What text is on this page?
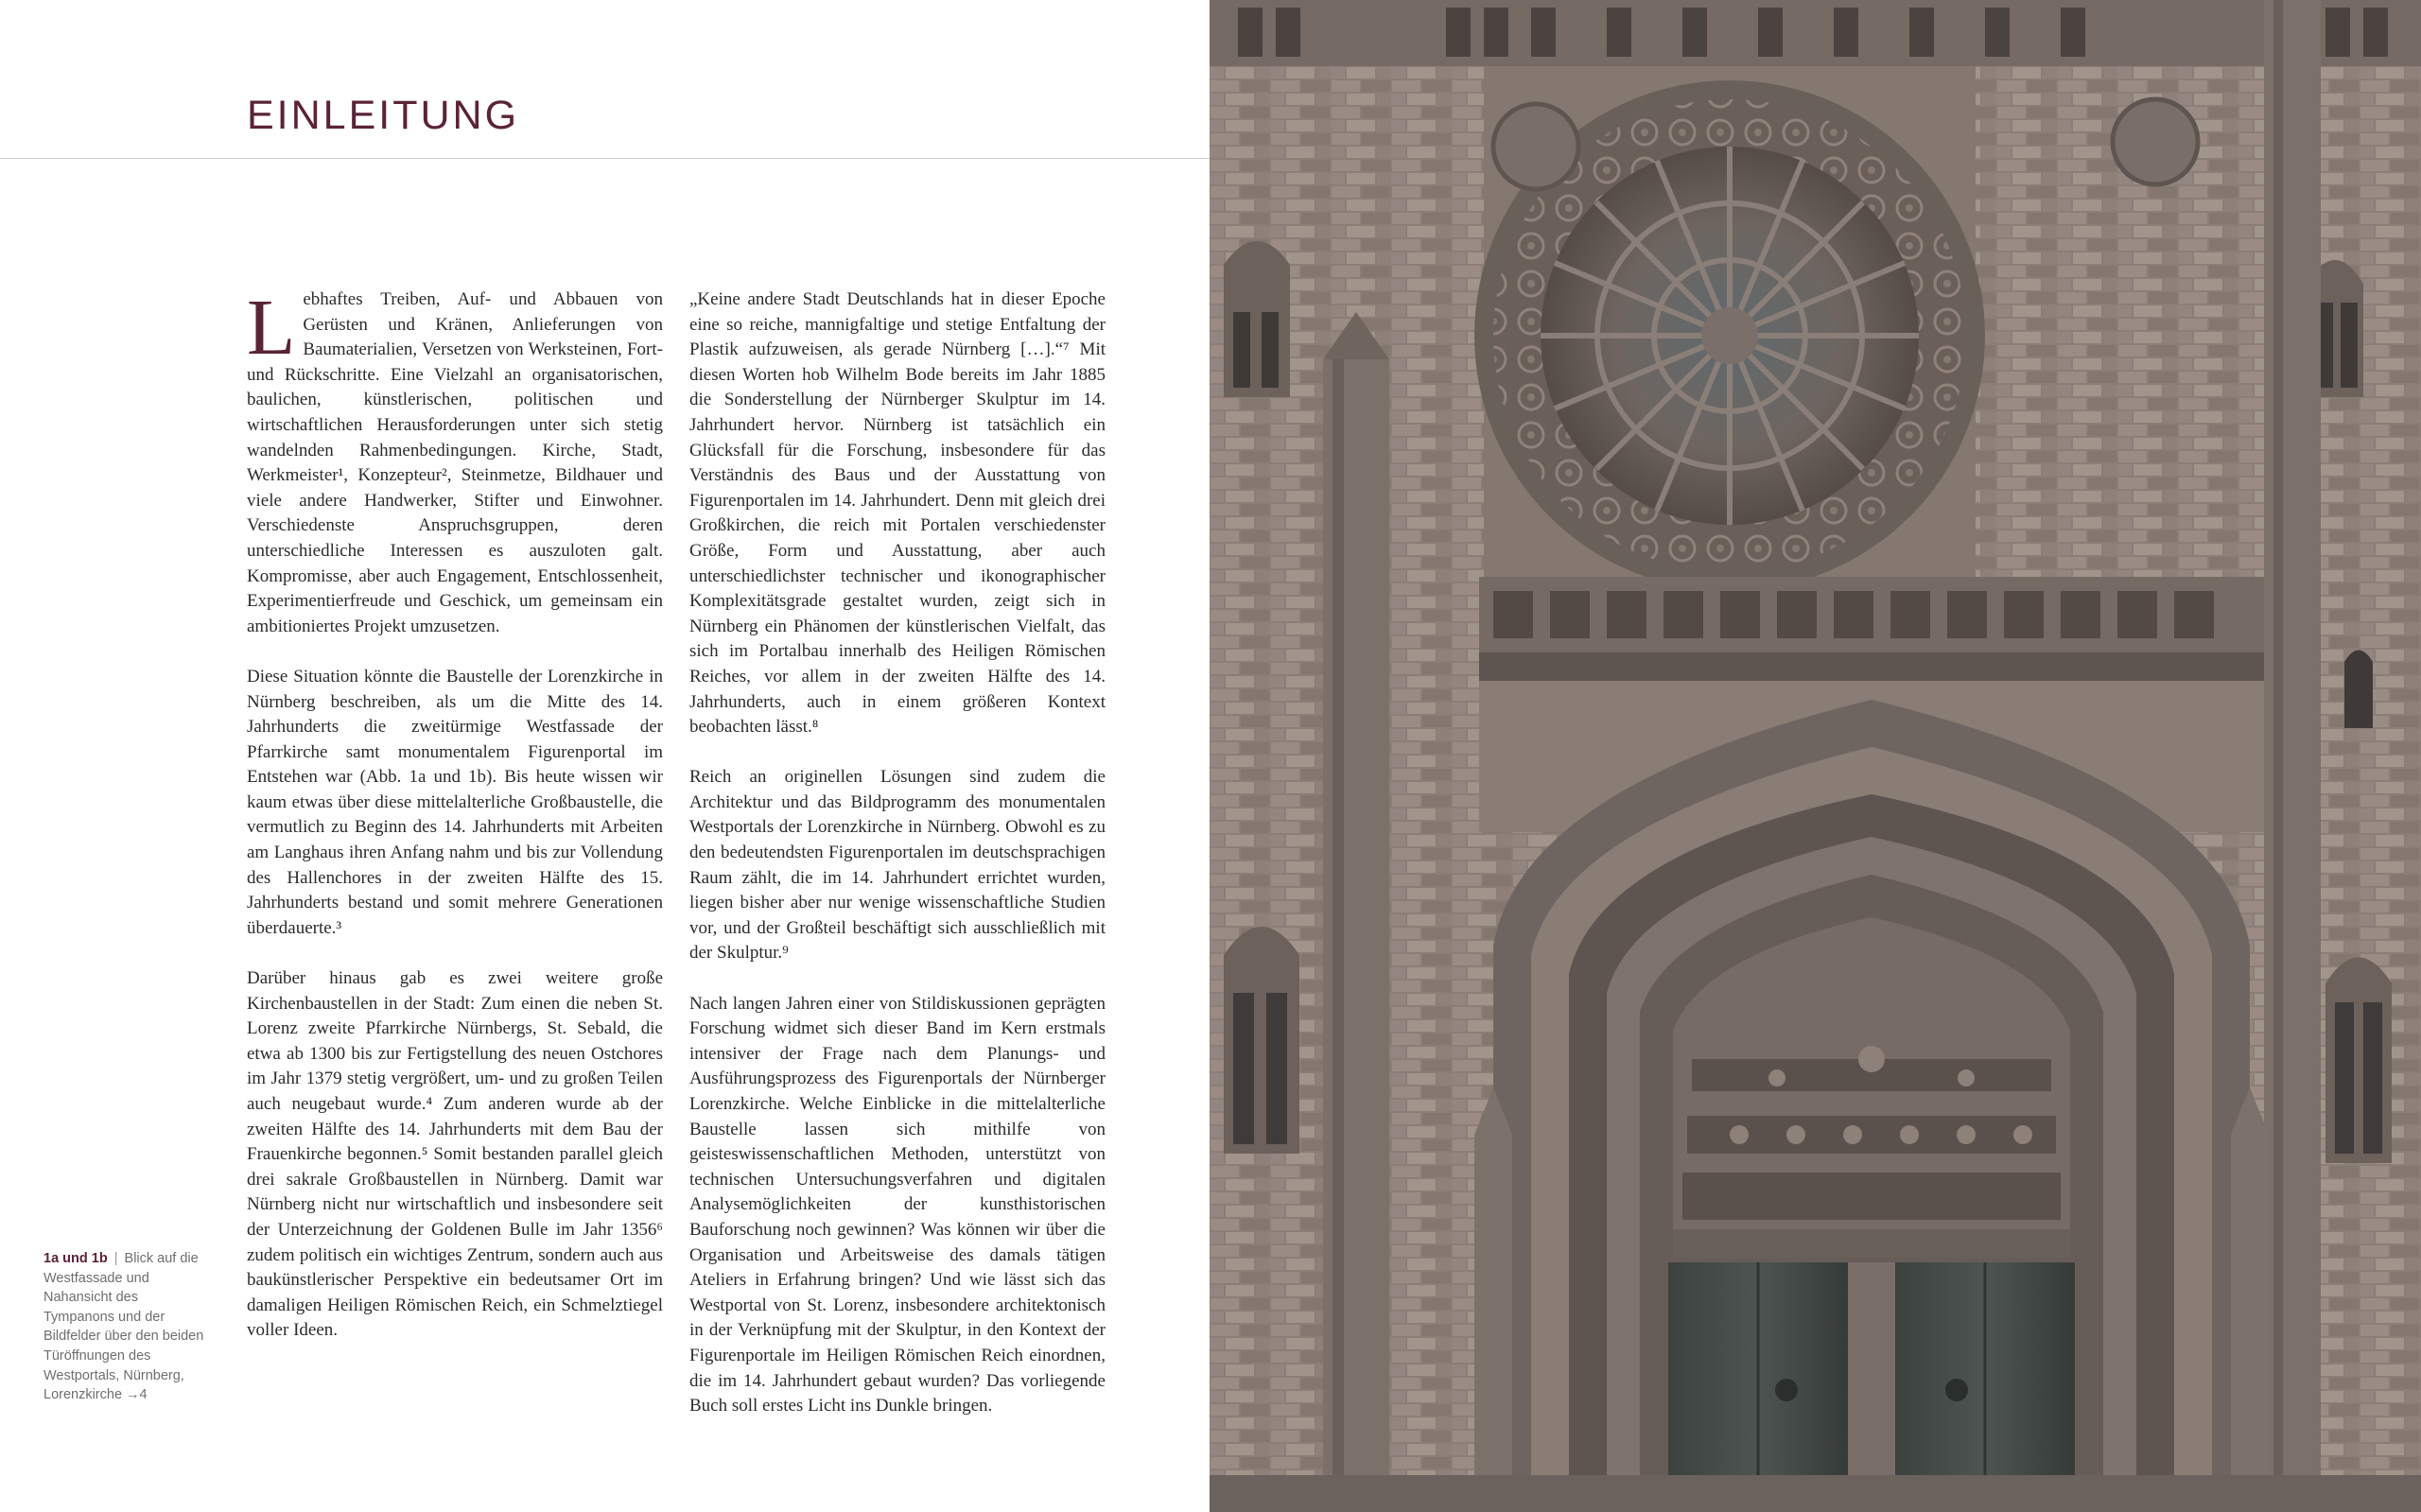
EINLEITUNG

Lebhaftes Treiben, Auf- und Abbauen von Gerüsten und Kränen, Anlieferungen von Baumaterialien, Versetzen von Werksteinen, Fort- und Rückschritte. Eine Vielzahl an organisatorischen, baulichen, künstlerischen, politischen und wirtschaftlichen Herausforderungen unter sich stetig wandelnden Rahmenbedingungen. Kirche, Stadt, Werkmeister¹, Konzepteur², Steinmetze, Bildhauer und viele andere Handwerker, Stifter und Einwohner. Verschiedenste Anspruchsgruppen, deren unterschiedliche Interessen es auszuloten galt. Kompromisse, aber auch Engagement, Entschlossenheit, Experimentierfreude und Geschick, um gemeinsam ein ambitioniertes Projekt umzusetzen.

Diese Situation könnte die Baustelle der Lorenzkirche in Nürnberg beschreiben, als um die Mitte des 14. Jahrhunderts die zweitürmige Westfassade der Pfarrkirche samt monumentalem Figurenportal im Entstehen war (Abb. 1a und 1b). Bis heute wissen wir kaum etwas über diese mittelalterliche Großbaustelle, die vermutlich zu Beginn des 14. Jahrhunderts mit Arbeiten am Langhaus ihren Anfang nahm und bis zur Vollendung des Hallenchores in der zweiten Hälfte des 15. Jahrhunderts bestand und somit mehrere Generationen überdauerte.³

Darüber hinaus gab es zwei weitere große Kirchenbaustellen in der Stadt: Zum einen die neben St. Lorenz zweite Pfarrkirche Nürnbergs, St. Sebald, die etwa ab 1300 bis zur Fertigstellung des neuen Ostchores im Jahr 1379 stetig vergrößert, um- und zu großen Teilen auch neugebaut wurde.⁴ Zum anderen wurde ab der zweiten Hälfte des 14. Jahrhunderts mit dem Bau der Frauenkirche begonnen.⁵ Somit bestanden parallel gleich drei sakrale Großbaustellen in Nürnberg. Damit war Nürnberg nicht nur wirtschaftlich und insbesondere seit der Unterzeichnung der Goldenen Bulle im Jahr 1356⁶ zudem politisch ein wichtiges Zentrum, sondern auch aus baukünstlerischer Perspektive ein bedeutsamer Ort im damaligen Heiligen Römischen Reich, ein Schmelztiegel voller Ideen.

„Keine andere Stadt Deutschlands hat in dieser Epoche eine so reiche, mannigfaltige und stetige Entfaltung der Plastik aufzuweisen, als gerade Nürnberg […].“⁷ Mit diesen Worten hob Wilhelm Bode bereits im Jahr 1885 die Sonderstellung der Nürnberger Skulptur im 14. Jahrhundert hervor. Nürnberg ist tatsächlich ein Glücksfall für die Forschung, insbesondere für das Verständnis des Baus und der Ausstattung von Figurenportalen im 14. Jahrhundert. Denn mit gleich drei Großkirchen, die reich mit Portalen verschiedenster Größe, Form und Ausstattung, aber auch unterschiedlichster technischer und ikonographischer Komplexitätsgrade gestaltet wurden, zeigt sich in Nürnberg ein Phänomen der künstlerischen Vielfalt, das sich im Portalbau innerhalb des Heiligen Römischen Reiches, vor allem in der zweiten Hälfte des 14. Jahrhunderts, auch in einem größeren Kontext beobachten lässt.⁸

Reich an originellen Lösungen sind zudem die Architektur und das Bildprogramm des monumentalen Westportals der Lorenzkirche in Nürnberg. Obwohl es zu den bedeutendsten Figurenportalen im deutschsprachigen Raum zählt, die im 14. Jahrhundert errichtet wurden, liegen bisher aber nur wenige wissenschaftliche Studien vor, und der Großteil beschäftigt sich ausschließlich mit der Skulptur.⁹

Nach langen Jahren einer von Stildiskussionen geprägten Forschung widmet sich dieser Band im Kern erstmals intensiver der Frage nach dem Planungs- und Ausführungsprozess des Figurenportals der Nürnberger Lorenzkirche. Welche Einblicke in die mittelalterliche Baustelle lassen sich mithilfe von geisteswissenschaftlichen Methoden, unterstützt von technischen Untersuchungsverfahren und digitalen Analysemöglichkeiten der kunsthistorischen Bauforschung noch gewinnen? Was können wir über die Organisation und Arbeitsweise des damals tätigen Ateliers in Erfahrung bringen? Und wie lässt sich das Westportal von St. Lorenz, insbesondere architektonisch in der Verknüpfung mit der Skulptur, in den Kontext der Figurenportale im Heiligen Römischen Reich einordnen, die im 14. Jahrhundert gebaut wurden? Das vorliegende Buch soll erstes Licht ins Dunkle bringen.

1a und 1b | Blick auf die Westfassade und Nahansicht des Tympanons und der Bildfelder über den beiden Türöffnungen des Westportals, Nürnberg, Lorenzkirche →4
